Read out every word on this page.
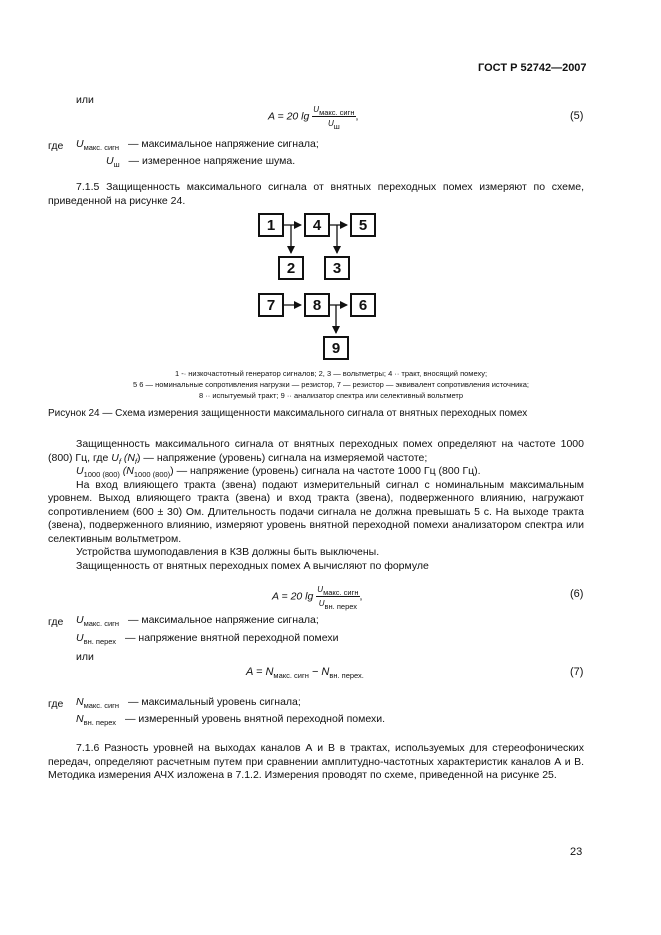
ГОСТ Р 52742—2007
или
A = 20 $\lg \frac{\text{Uмакс. сигн}}{Uш}$ ,	(5)
где $U_{макс. сигн}$ — максимальное напряжение сигнала;
$U_ш$ — измеренное напряжение шума.
7.1.5 Защищенность максимального сигнала от внятных переходных помех измеряют по схеме, приведенной на рисунке 24.
1	4	5
2	3
7	8	6
9
1 -· низкочастотный генератор сигналов; 2, 3 — вольтметры; 4 ·· тракт, вносящий помеху;
5 6 — номинальные сопротивления нагрузки — резистор, 7 — резистор — эквивалент сопротивления источника;
8 ·· испытуемый тракт; 9 ·· анализатор спектра или селективный вольтметр
Рисунок 24 — Схема измерения защищенности максимального сигнала от внятных переходных помех

Защищенность максимального сигнала от внятных переходных помех определяют на частоте 1000 (800) Гц, где $U_f$ $(N_f)$ — напряжение (уровень) сигнала на измеряемой частоте;

$U_{1000 (800)}$ $(N_{1000 (800)})$ — напряжение (уровень) сигнала на частоте 1000 Гц (800 Гц).

На вход влияющего тракта (звена) подают измерительный сигнал с номинальным максимальным уровнем. Выход влияющего тракта (звена) и вход тракта (звена), подверженного влиянию, нагружают сопротивлением (600 ± 30) Ом. Длительность подачи сигнала не должна превышать 5 с. На выходе тракта (звена), подверженного влиянию, измеряют уровень внятной переходной помехи анализатором спектра или селективным вольтметром.

Устройства шумоподавления в КЗВ должны быть выключены.

Защищенность от внятных переходных помех A вычисляют по формуле

A = 20 $\lg \frac{\text{Uмакс. сигн}}{\text{Uвн. перех}}$ ,	(6)
где $U_{макс. сигн}$ — максимальное напряжение сигнала;
$U_{вн. перех}$ — напряжение внятной переходной помехи
или
$A = N_{макс. сигн} - N_{вн. перех.}$	(7)
где $N_{макс. сигн}$ — максимальный уровень сигнала;
$N_{вн. перех}$ — измеренный уровень внятной переходной помехи.
7.1.6 Разность уровней на выходах каналов А и В в трактах, используемых для стереофонических передач, определяют расчетным путем при сравнении амплитудно-частотных характеристик каналов А и В. Методика измерения АЧХ изложена в 7.1.2. Измерения проводят по схеме, приведенной на рисунке 25.
23
